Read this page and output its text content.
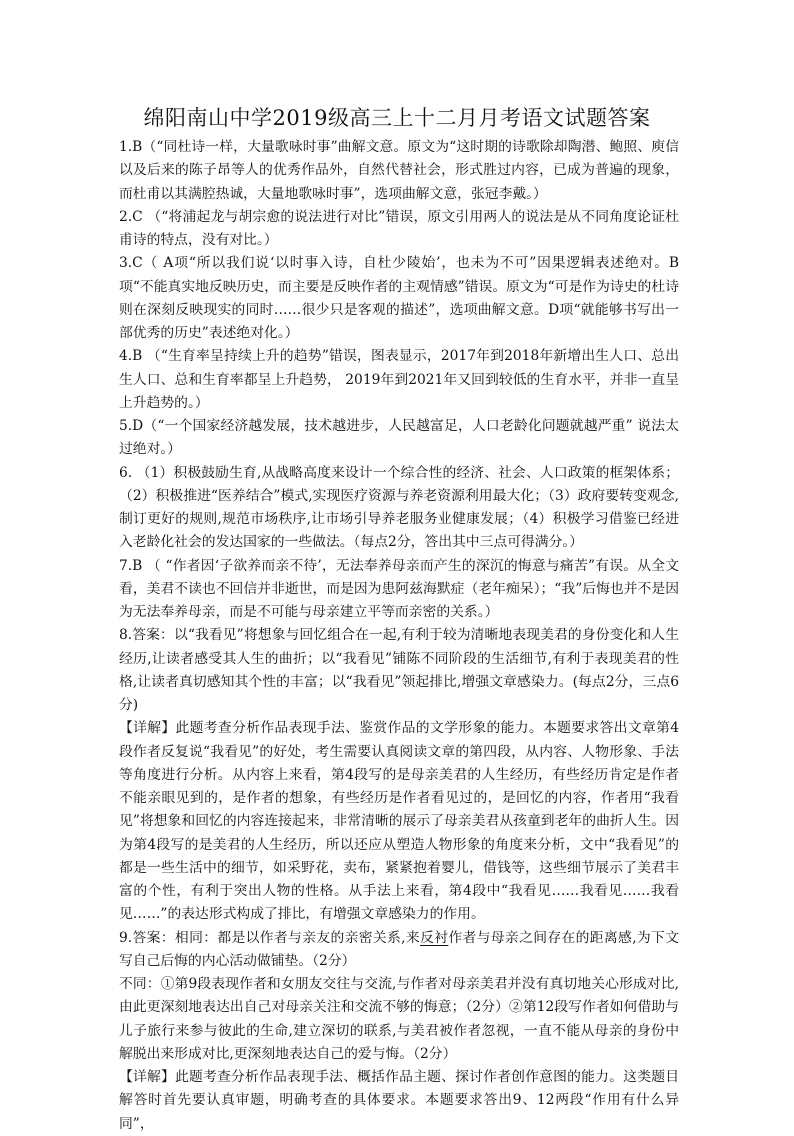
绵阳南山中学2019级高三上十二月月考语文试题答案

1.B（“同杜诗一样，大量歌咏时事”曲解文意。原文为“这时期的诗歌除却陶潜、鲍照、庾信以及后来的陈子昂等人的优秀作品外，自然代替社会，形式胜过内容，已成为普遍的现象，而杜甫以其满腔热诚，大量地歌咏时事”，选项曲解文意，张冠李戴。）

2.C （“将浦起龙与胡宗愈的说法进行对比”错误，原文引用两人的说法是从不同角度论证杜甫诗的特点，没有对比。）

3.C（ A项“所以我们说‘以时事入诗，自杜少陵始’，也未为不可”因果逻辑表述绝对。B项“不能真实地反映历史，而主要是反映作者的主观情感”错误。原文为“可是作为诗史的杜诗则在深刻反映现实的同时……很少只是客观的描述”，选项曲解文意。D项“就能够书写出一部优秀的历史”表述绝对化。）

4.B （“生育率呈持续上升的趋势”错误，图表显示，2017年到2018年新增出生人口、总出生人口、总和生育率都呈上升趋势， 2019年到2021年又回到较低的生育水平，并非一直呈上升趋势的。）

5.D（“一个国家经济越发展，技术越进步，人民越富足，人口老龄化问题就越严重” 说法太过绝对。）

6. （1）积极鼓励生育,从战略高度来设计一个综合性的经济、社会、人口政策的框架体系；（2）积极推进“医养结合”模式,实现医疗资源与养老资源利用最大化；（3）政府要转变观念,制订更好的规则,规范市场秩序,让市场引导养老服务业健康发展；（4）积极学习借鉴已经进入老龄化社会的发达国家的一些做法。（每点2分，答出其中三点可得满分。）

7.B （ “作者因‘子欲养而亲不待’，无法奉养母亲而产生的深沉的悔意与痛苦”有误。从全文看，美君不读也不回信并非逝世，而是因为患阿兹海默症（老年痴呆）；“我”后悔也并不是因为无法奉养母亲，而是不可能与母亲建立平等而亲密的关系。）

8.答案：以“我看见”将想象与回忆组合在一起,有利于较为清晰地表现美君的身份变化和人生经历,让读者感受其人生的曲折；以“我看见”铺陈不同阶段的生活细节,有利于表现美君的性格,让读者真切感知其个性的丰富；以“我看见”领起排比,增强文章感染力。(每点2分，三点6分)

【详解】此题考查分析作品表现手法、鉴赏作品的文学形象的能力。本题要求答出文章第4段作者反复说“我看见”的好处，考生需要认真阅读文章的第四段，从内容、人物形象、手法等角度进行分析。从内容上来看，第4段写的是母亲美君的人生经历，有些经历肯定是作者不能亲眼见到的，是作者的想象，有些经历是作者看见过的，是回忆的内容，作者用“我看见”将想象和回忆的内容连接起来，非常清晰的展示了母亲美君从孩童到老年的曲折人生。因为第4段写的是美君的人生经历，所以还应从塑造人物形象的角度来分析，文中“我看见”的都是一些生活中的细节，如采野花，卖布，紧紧抱着婴儿，借钱等，这些细节展示了美君丰富的个性，有利于突出人物的性格。从手法上来看，第4段中“我看见……我看见……我看见……”的表达形式构成了排比，有增强文章感染力的作用。

9.答案：相同：都是以作者与亲友的亲密关系,来反衬作者与母亲之间存在的距离感,为下文写自己后悔的内心活动做铺垫。（2分）

不同：①第9段表现作者和女朋友交往与交流,与作者对母亲美君并没有真切地关心形成对比,由此更深刻地表达出自己对母亲关注和交流不够的悔意；（2分）②第12段写作者如何借助与儿子旅行来参与彼此的生命,建立深切的联系,与美君被作者忽视，一直不能从母亲的身份中解脱出来形成对比,更深刻地表达自己的爱与悔。（2分）

【详解】此题考查分析作品表现手法、概括作品主题、探讨作者创作意图的能力。这类题目解答时首先要认真审题，明确考查的具体要求。本题要求答出9、12两段“作用有什么异同”，
